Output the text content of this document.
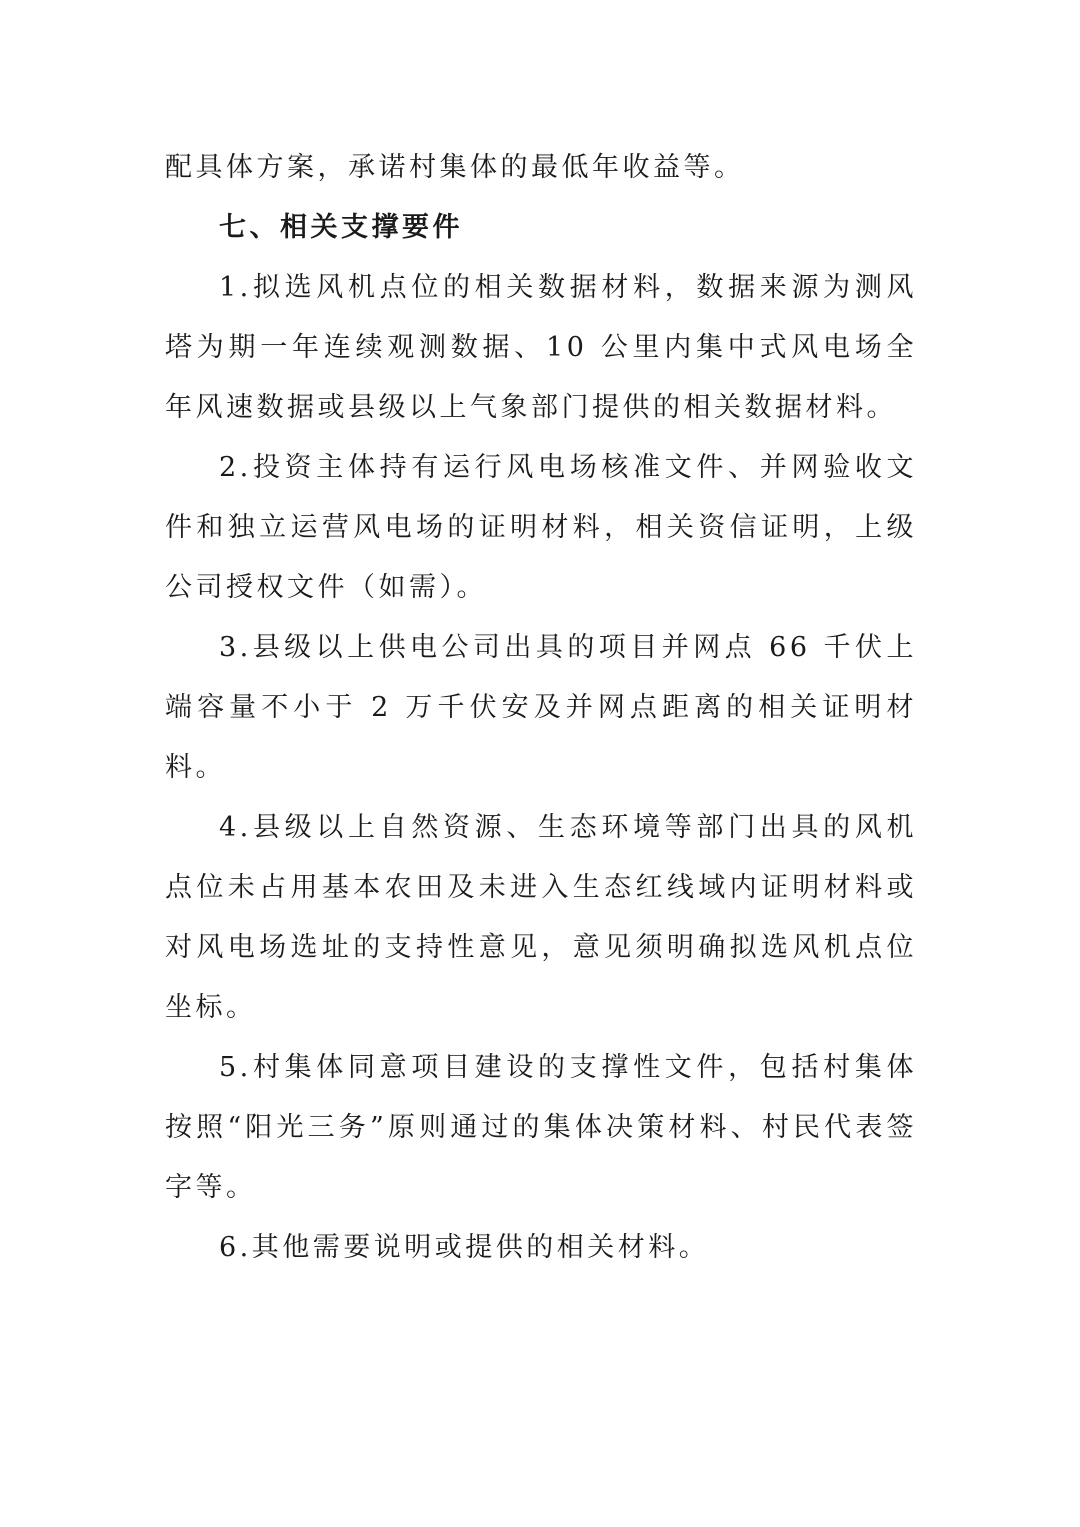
配具体方案，承诺村集体的最低年收益等。

七、相关支撑要件

1.拟选风机点位的相关数据材料，数据来源为测风塔为期一年连续观测数据、10 公里内集中式风电场全年风速数据或县级以上气象部门提供的相关数据材料。

2.投资主体持有运行风电场核准文件、并网验收文件和独立运营风电场的证明材料，相关资信证明，上级公司授权文件（如需）。

3.县级以上供电公司出具的项目并网点 66 千伏上端容量不小于 2 万千伏安及并网点距离的相关证明材料。

4.县级以上自然资源、生态环境等部门出具的风机点位未占用基本农田及未进入生态红线域内证明材料或对风电场选址的支持性意见，意见须明确拟选风机点位坐标。

5.村集体同意项目建设的支撑性文件，包括村集体按照“阳光三务”原则通过的集体决策材料、村民代表签字等。

6.其他需要说明或提供的相关材料。
